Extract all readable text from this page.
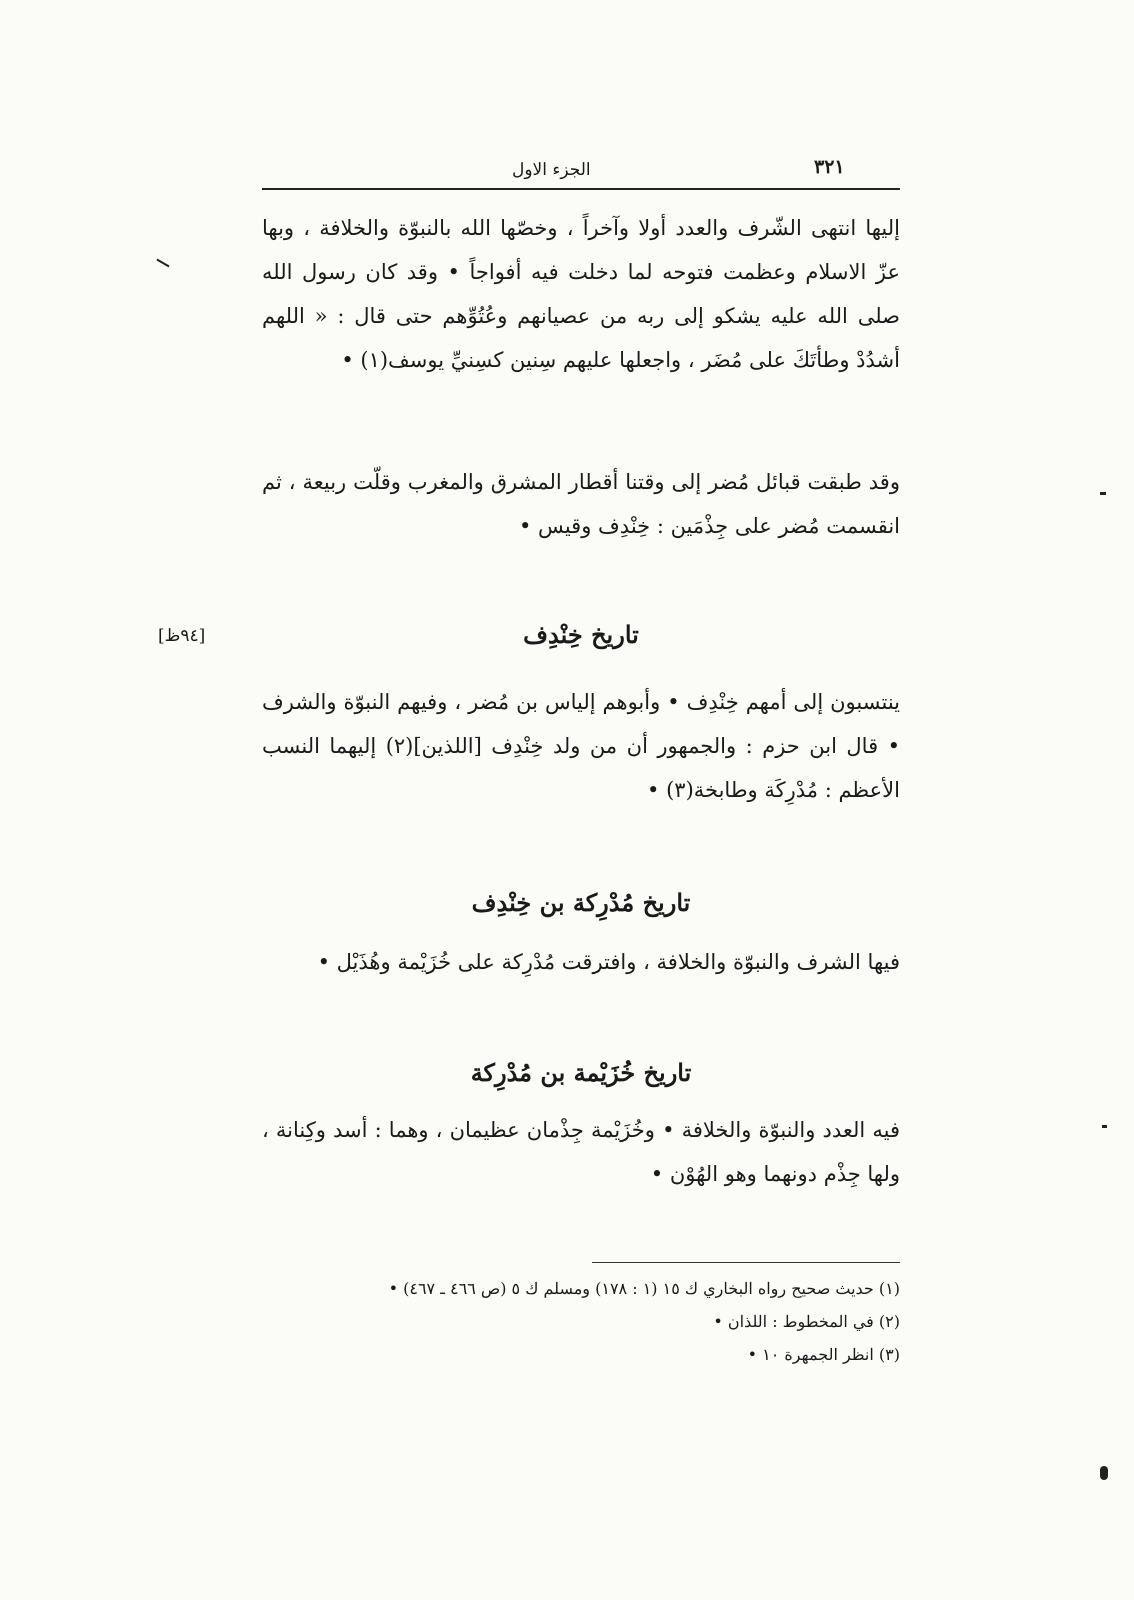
الجزء الاول	٣٢١

إليها انتهى الشّرف والعدد أولا وآخراً ، وخصّها الله بالنبوّة والخلافة ، وبها عزّ الاسلام وعظمت فتوحه لما دخلت فيه أفواجاً • وقد كان رسول الله صلى الله عليه يشكو إلى ربه من عصيانهم وعُتُوِّهم حتى قال : « اللهم أشدُدْ وطأتَكَ على مُضَر ، واجعلها عليهم سِنين كسِنيِّ يوسف(١) •

وقد طبقت قبائل مُضر إلى وقتنا أقطار المشرق والمغرب وقلّت ربيعة ، ثم انقسمت مُضر على جِذْمَين : خِنْدِف وقيس •

تاريخ خِنْدِف
[٩٤ظ]

ينتسبون إلى أمهم خِنْدِف • وأبوهم إلياس بن مُضر ، وفيهم النبوّة والشرف • قال ابن حزم : والجمهور أن من ولد خِنْدِف [اللذين](٢) إليهما النسب الأعظم : مُدْرِكَة وطابخة(٣) •

تاريخ مُدْرِكة بن خِنْدِف

فيها الشرف والنبوّة والخلافة ، وافترقت مُدْرِكة على خُزَيْمة وهُذَيْل •

تاريخ خُزَيْمة بن مُدْرِكة

فيه العدد والنبوّة والخلافة • وخُزَيْمة جِذْمان عظيمان ، وهما : أسد وكِنانة ، ولها جِذْم دونهما وهو الهُوْن •

(١) حديث صحيح رواه البخاري ك ١٥ (١ : ١٧٨) ومسلم ك ٥ (ص ٤٦٦ ـ ٤٦٧) •
(٢) في المخطوط : اللذان •
(٣) انظر الجمهرة ١٠ •
